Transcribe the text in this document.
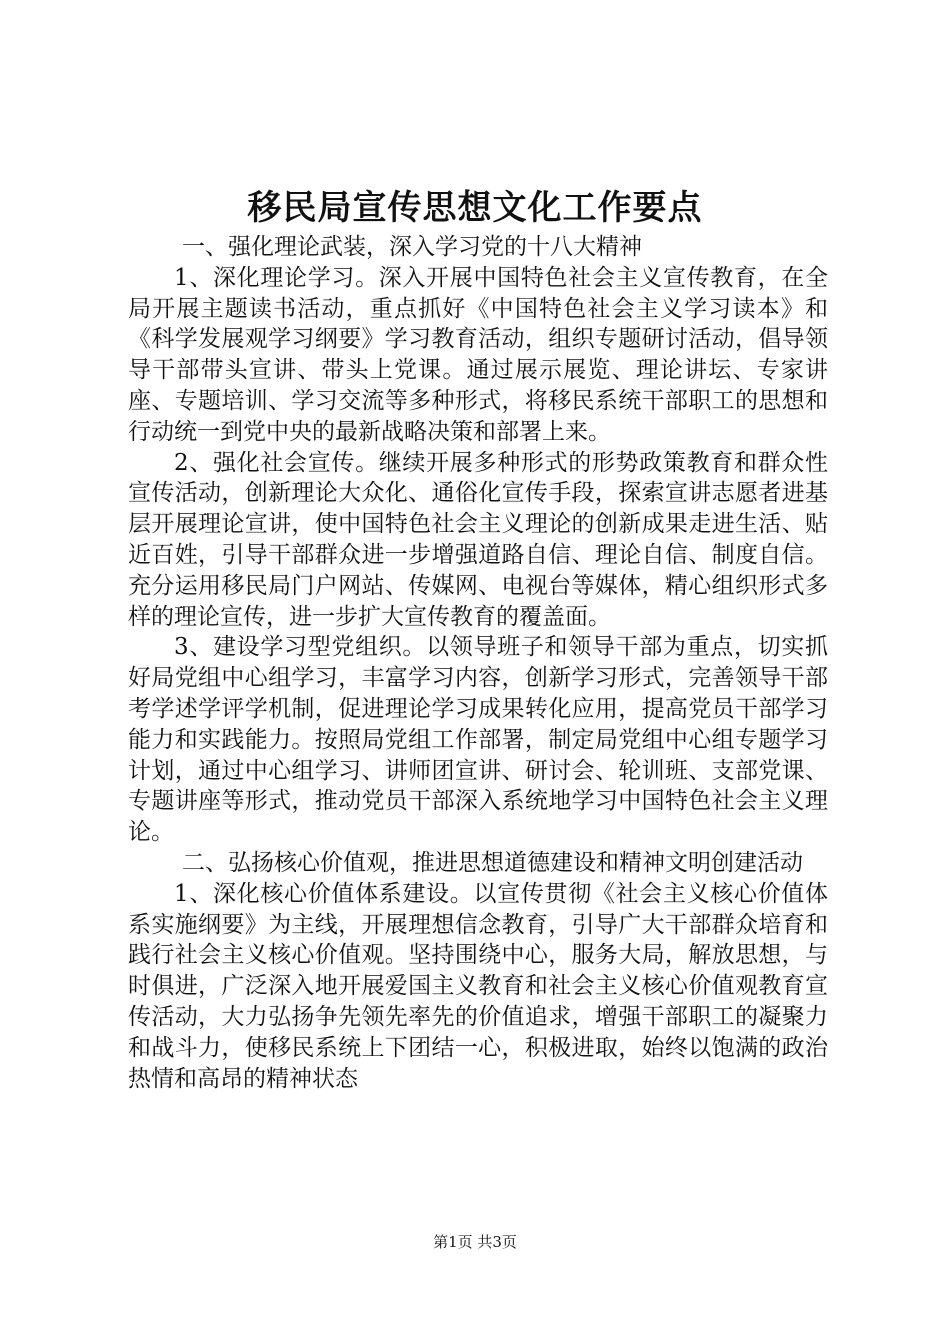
移民局宣传思想文化工作要点

一、强化理论武装，深入学习党的十八大精神

1、深化理论学习。深入开展中国特色社会主义宣传教育，在全局开展主题读书活动，重点抓好《中国特色社会主义学习读本》和《科学发展观学习纲要》学习教育活动，组织专题研讨活动，倡导领导干部带头宣讲、带头上党课。通过展示展览、理论讲坛、专家讲座、专题培训、学习交流等多种形式，将移民系统干部职工的思想和行动统一到党中央的最新战略决策和部署上来。

2、强化社会宣传。继续开展多种形式的形势政策教育和群众性宣传活动，创新理论大众化、通俗化宣传手段，探索宣讲志愿者进基层开展理论宣讲，使中国特色社会主义理论的创新成果走进生活、贴近百姓，引导干部群众进一步增强道路自信、理论自信、制度自信。充分运用移民局门户网站、传媒网、电视台等媒体，精心组织形式多样的理论宣传，进一步扩大宣传教育的覆盖面。

3、建设学习型党组织。以领导班子和领导干部为重点，切实抓好局党组中心组学习，丰富学习内容，创新学习形式，完善领导干部考学述学评学机制，促进理论学习成果转化应用，提高党员干部学习能力和实践能力。按照局党组工作部署，制定局党组中心组专题学习计划，通过中心组学习、讲师团宣讲、研讨会、轮训班、支部党课、专题讲座等形式，推动党员干部深入系统地学习中国特色社会主义理论。

二、弘扬核心价值观，推进思想道德建设和精神文明创建活动

1、深化核心价值体系建设。以宣传贯彻《社会主义核心价值体系实施纲要》为主线，开展理想信念教育，引导广大干部群众培育和践行社会主义核心价值观。坚持围绕中心，服务大局，解放思想，与时俱进，广泛深入地开展爱国主义教育和社会主义核心价值观教育宣传活动，大力弘扬争先领先率先的价值追求，增强干部职工的凝聚力和战斗力，使移民系统上下团结一心，积极进取，始终以饱满的政治热情和高昂的精神状态

第1页 共3页
